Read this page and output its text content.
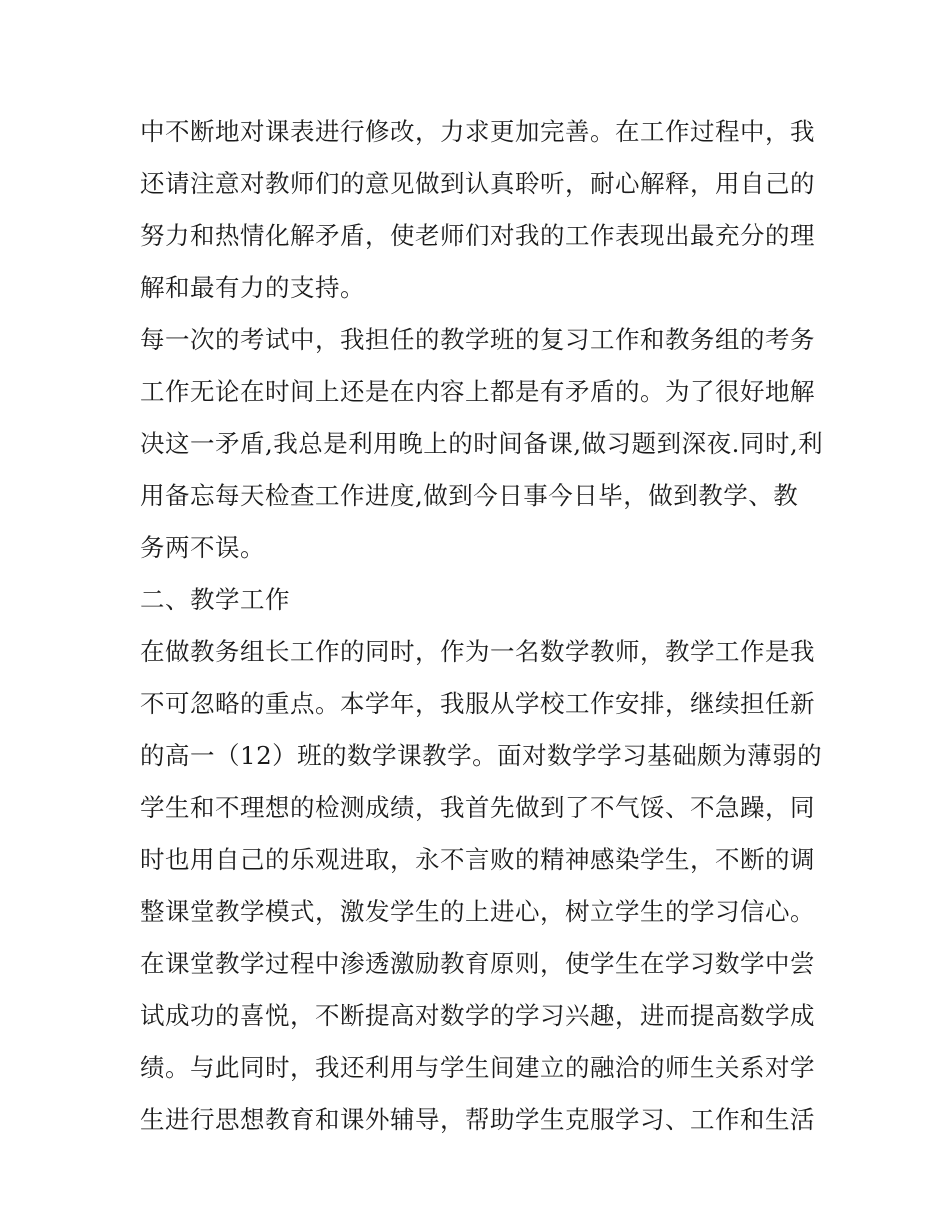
中不断地对课表进行修改，力求更加完善。在工作过程中，我
还请注意对教师们的意见做到认真聆听，耐心解释，用自己的
努力和热情化解矛盾，使老师们对我的工作表现出最充分的理
解和最有力的支持。
每一次的考试中，我担任的教学班的复习工作和教务组的考务
工作无论在时间上还是在内容上都是有矛盾的。为了很好地解
决这一矛盾,我总是利用晚上的时间备课,做习题到深夜.同时,利
用备忘每天检查工作进度,做到今日事今日毕，做到教学、教
务两不误。
二、教学工作
在做教务组长工作的同时，作为一名数学教师，教学工作是我
不可忽略的重点。本学年，我服从学校工作安排，继续担任新
的高一（12）班的数学课教学。面对数学学习基础颇为薄弱的
学生和不理想的检测成绩，我首先做到了不气馁、不急躁，同
时也用自己的乐观进取，永不言败的精神感染学生，不断的调
整课堂教学模式，激发学生的上进心，树立学生的学习信心。
在课堂教学过程中渗透激励教育原则，使学生在学习数学中尝
试成功的喜悦，不断提高对数学的学习兴趣，进而提高数学成
绩。与此同时，我还利用与学生间建立的融洽的师生关系对学
生进行思想教育和课外辅导，帮助学生克服学习、工作和生活
